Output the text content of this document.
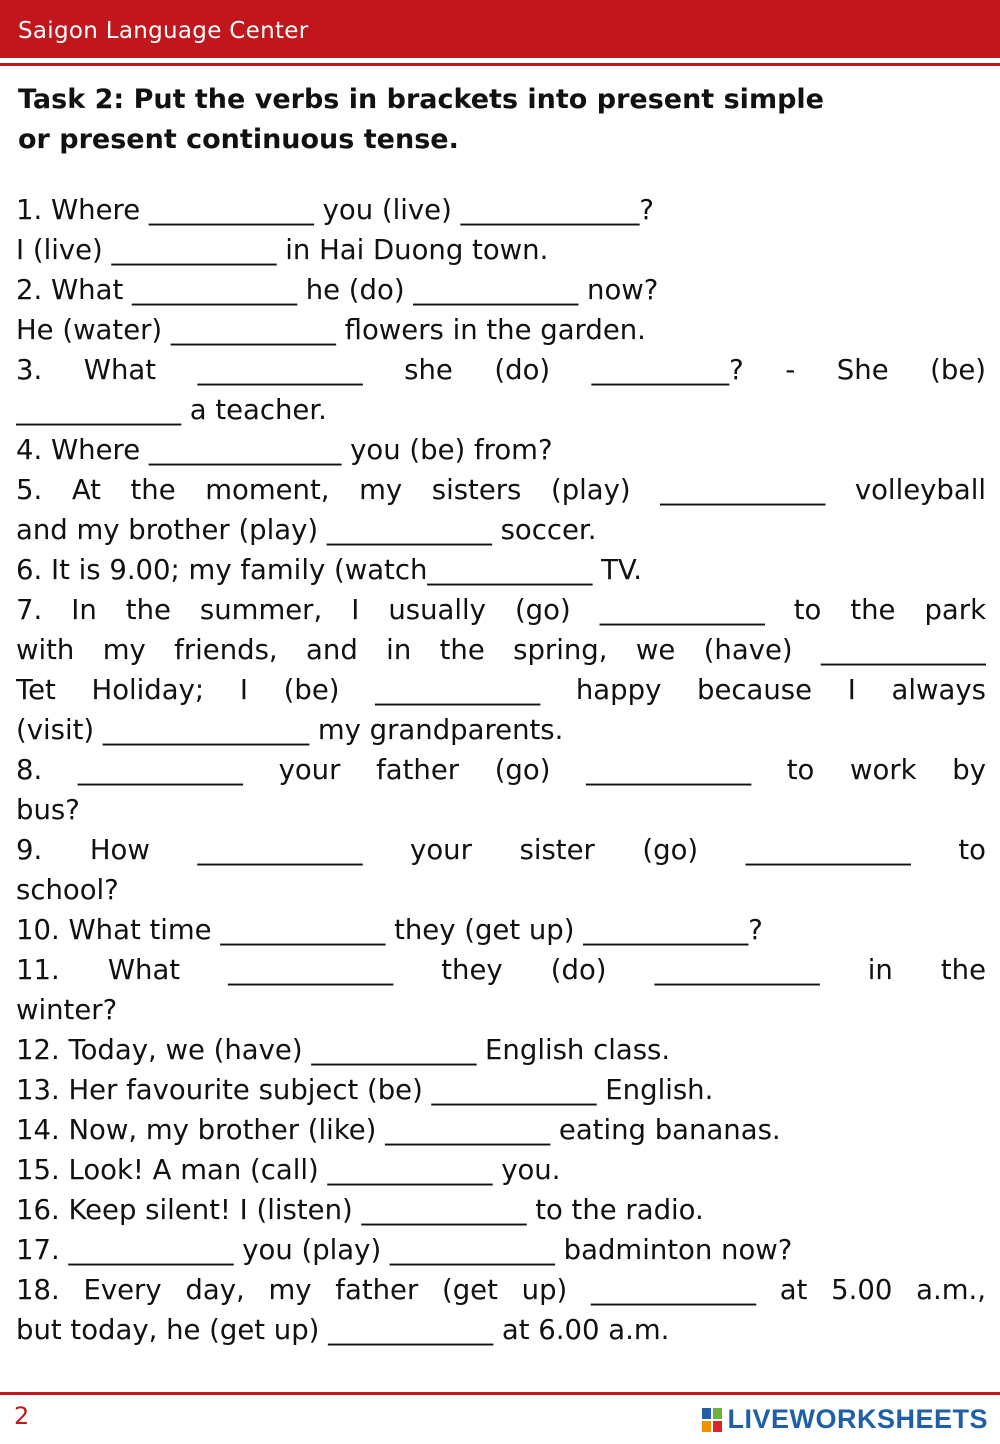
Saigon Language Center
Task 2: Put the verbs in brackets into present simple
or present continuous tense.
1. Where ____________ you (live) _____________?
I (live) ____________ in Hai Duong town.
2. What ____________ he (do) ____________ now?
He (water) ____________ flowers in the garden.
3. What ____________ she (do) __________? - She (be)
____________ a teacher.
4. Where ______________ you (be) from?
5. At the moment, my sisters (play) ____________ volleyball
and my brother (play) ____________ soccer.
6. It is 9.00; my family (watch____________ TV.
7. In the summer, I usually (go) ____________ to the park
with my friends, and in the spring, we (have) ____________
Tet Holiday; I (be) ____________ happy because I always
(visit) _______________ my grandparents.
8. ____________ your father (go) ____________ to work by
bus?
9. How ____________ your sister (go) ____________ to
school?
10. What time ____________ they (get up) ____________?
11. What ____________ they (do) ____________ in the
winter?
12. Today, we (have) ____________ English class.
13. Her favourite subject (be) ____________ English.
14. Now, my brother (like) ____________ eating bananas.
15. Look! A man (call) ____________ you.
16. Keep silent! I (listen) ____________ to the radio.
17. ____________ you (play) ____________ badminton now?
18. Every day, my father (get up) ____________ at 5.00 a.m.,
but today, he (get up) ____________ at 6.00 a.m.
2	LIVEWORKSHEETS
